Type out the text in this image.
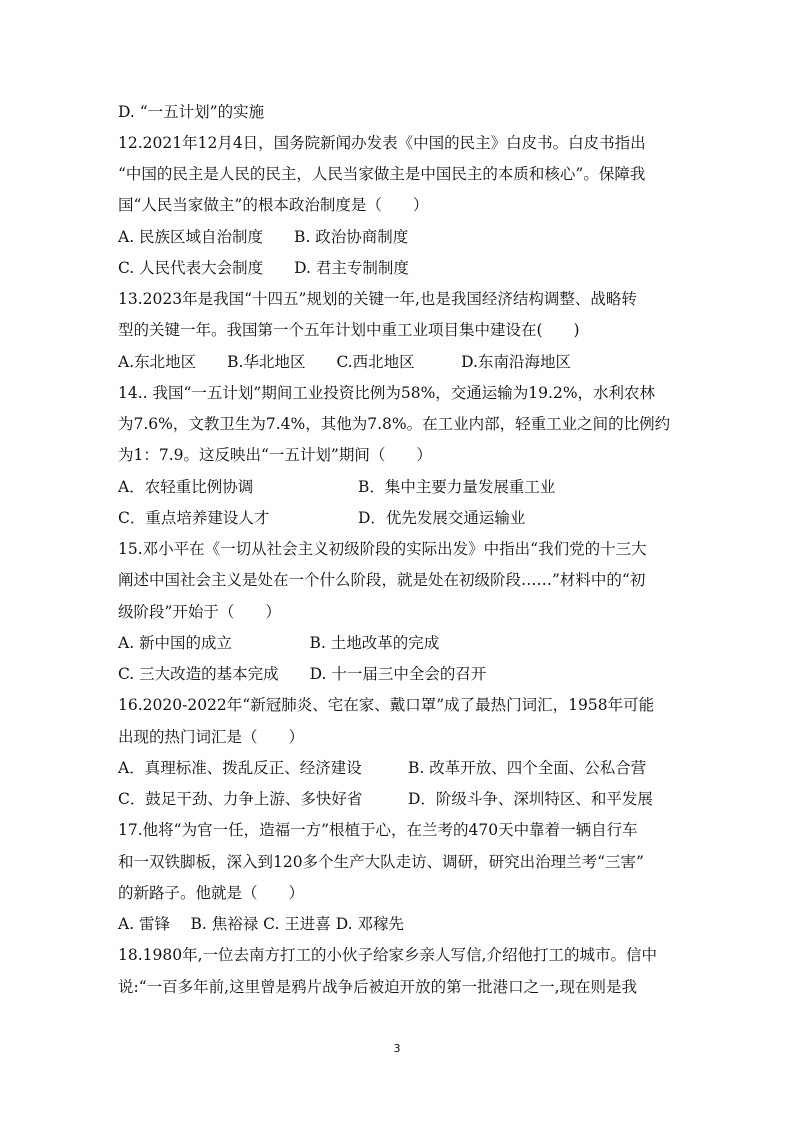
D. “一五计划”的实施
12.2021年12月4日，国务院新闻办发表《中国的民主》白皮书。白皮书指出
“中国的民主是人民的民主，人民当家做主是中国民主的本质和核心”。保障我
国“人民当家做主”的根本政治制度是（　　）
A. 民族区域自治制度　　B. 政治协商制度
C. 人民代表大会制度　　D. 君主专制制度
13.2023年是我国“十四五”规划的关键一年,也是我国经济结构调整、战略转
型的关键一年。我国第一个五年计划中重工业项目集中建设在(　　)
A.东北地区　　B.华北地区　　C.西北地区　　　D.东南沿海地区
14.. 我国“一五计划”期间工业投资比例为58%，交通运输为19.2%，水利农林
为7.6%，文教卫生为7.4%，其他为7.8%。在工业内部，轻重工业之间的比例约
为1：7.9。这反映出“一五计划”期间（　　）
A．农轻重比例协调	B．集中主要力量发展重工业
C．重点培养建设人才	D．优先发展交通运输业
15.邓小平在《一切从社会主义初级阶段的实际出发》中指出“我们党的十三大
阐述中国社会主义是处在一个什么阶段，就是处在初级阶段……”材料中的“初
级阶段”开始于（　　）
A. 新中国的成立　　　　　B. 土地改革的完成
C. 三大改造的基本完成　　D. 十一届三中全会的召开
16.2020-2022年“新冠肺炎、宅在家、戴口罩”成了最热门词汇，1958年可能
出现的热门词汇是（　　）
A．真理标准、拨乱反正、经济建设	B. 改革开放、四个全面、公私合营
C．鼓足干劲、力争上游、多快好省	D．阶级斗争、深圳特区、和平发展
17.他将“为官一任，造福一方”根植于心，在兰考的470天中靠着一辆自行车
和一双铁脚板，深入到120多个生产大队走访、调研，研究出治理兰考“三害”
的新路子。他就是（　　）
A. 雷锋　 B. 焦裕禄 C. 王进喜 D. 邓稼先
18.1980年,一位去南方打工的小伙子给家乡亲人写信,介绍他打工的城市。信中
说:“一百多年前,这里曾是鸦片战争后被迫开放的第一批港口之一,现在则是我
3
